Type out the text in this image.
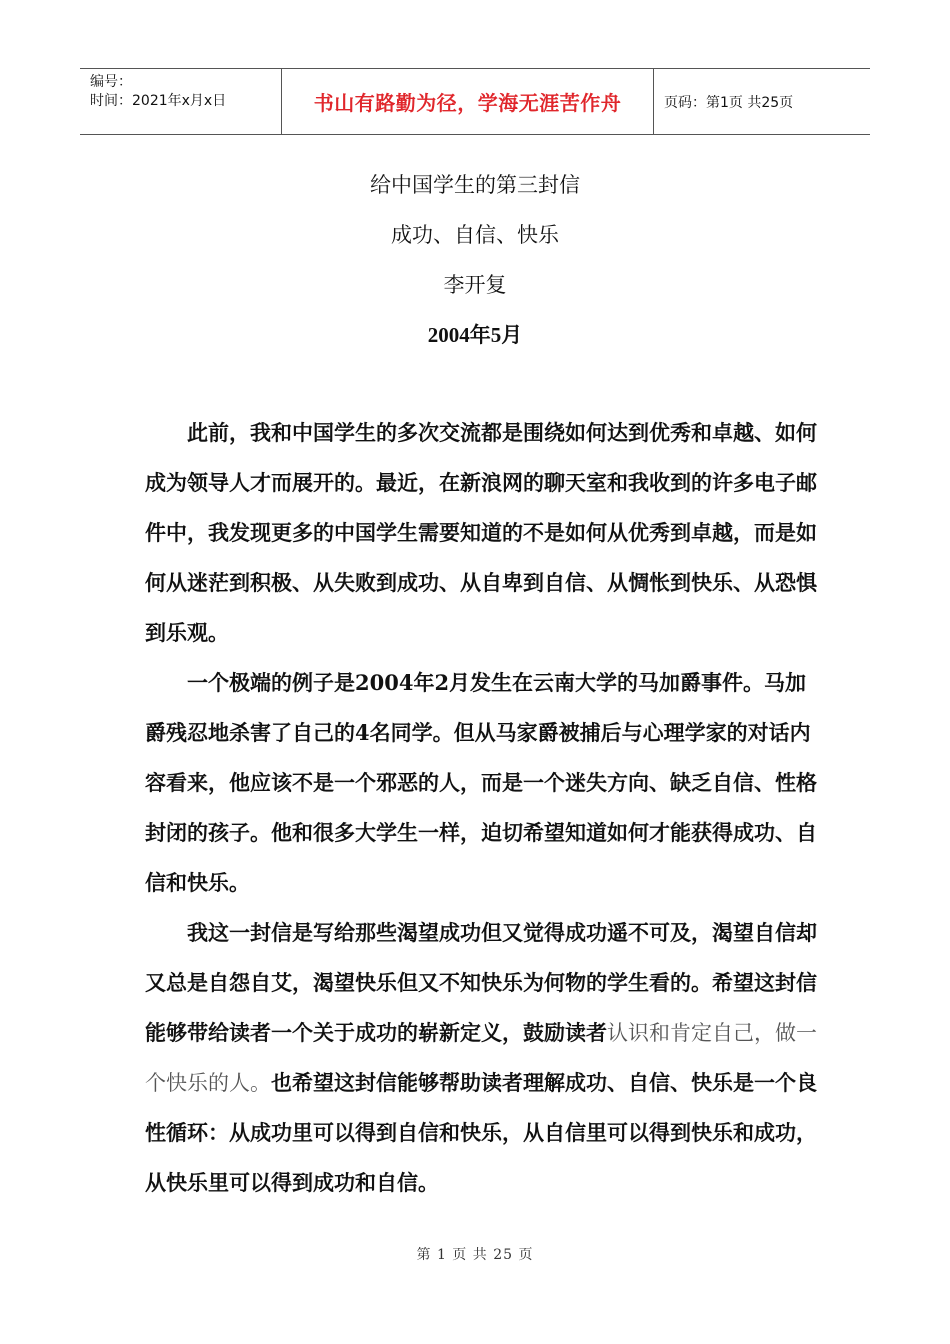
编号：
时间：2021年x月x日	书山有路勤为径，学海无涯苦作舟	页码：第1页 共25页
给中国学生的第三封信
成功、自信、快乐
李开复
2004年5月

此前，我和中国学生的多次交流都是围绕如何达到优秀和卓越、如何成为领导人才而展开的。最近，在新浪网的聊天室和我收到的许多电子邮件中，我发现更多的中国学生需要知道的不是如何从优秀到卓越，而是如何从迷茫到积极、从失败到成功、从自卑到自信、从惆怅到快乐、从恐惧到乐观。

一个极端的例子是2004年2月发生在云南大学的马加爵事件。马加爵残忍地杀害了自己的4名同学。但从马家爵被捕后与心理学家的对话内容看来，他应该不是一个邪恶的人，而是一个迷失方向、缺乏自信、性格封闭的孩子。他和很多大学生一样，迫切希望知道如何才能获得成功、自信和快乐。

我这一封信是写给那些渴望成功但又觉得成功遥不可及，渴望自信却又总是自怨自艾，渴望快乐但又不知快乐为何物的学生看的。希望这封信能够带给读者一个关于成功的崭新定义，鼓励读者认识和肯定自己，做一个快乐的人。也希望这封信能够帮助读者理解成功、自信、快乐是一个良性循环：从成功里可以得到自信和快乐，从自信里可以得到快乐和成功，从快乐里可以得到成功和自信。

第 1 页 共 25 页
